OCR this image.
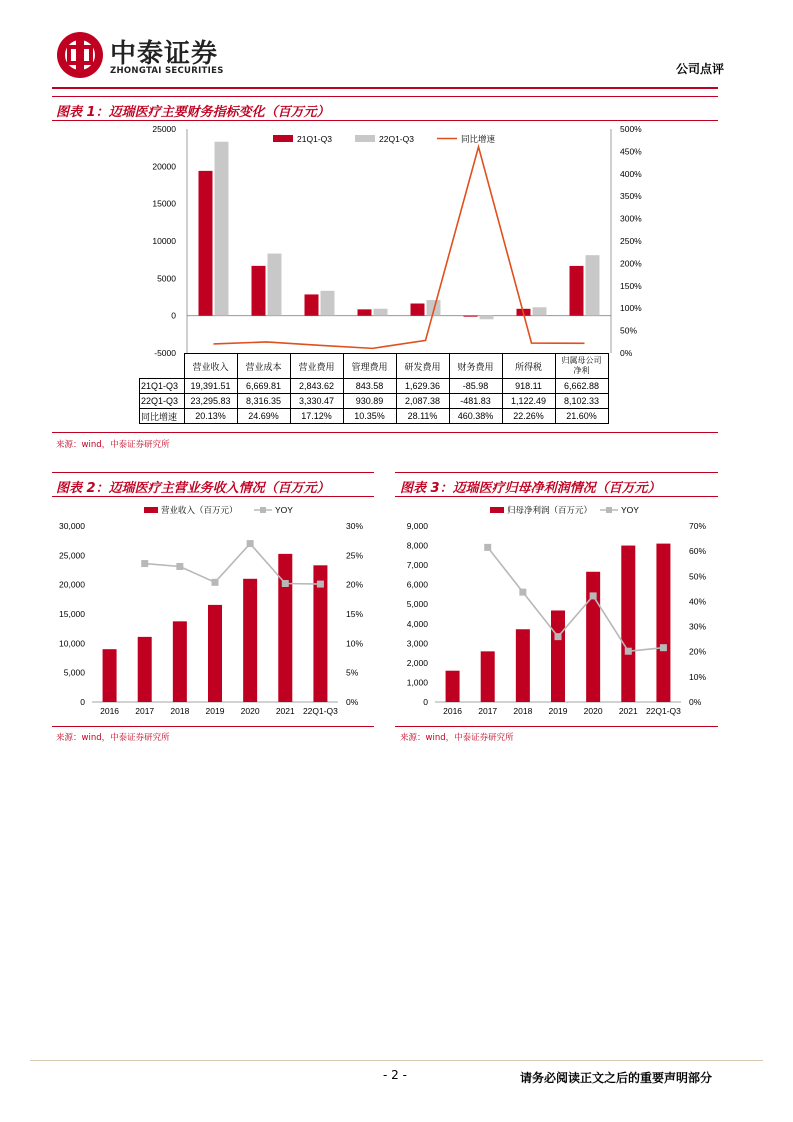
中泰证券
ZHONGTAI SECURITIES	公司点评
图表 1：迈瑞医疗主要财务指标变化（百万元）
-5000
0
5000
10000
15000
20000
25000
0%
50%
100%
150%
200%
250%
300%
350%
400%
450%
500%
21Q1-Q3	22Q1-Q3	同比增速
	营业收入	营业成本	营业费用	管理费用	研发费用	财务费用	所得税	归属母公司
净利
21Q1-Q3	19,391.51	6,669.81	2,843.62	843.58	1,629.36	-85.98	918.11	6,662.88
22Q1-Q3	23,295.83	8,316.35	3,330.47	930.89	2,087.38	-481.83	1,122.49	8,102.33
同比增速	20.13%	24.69%	17.12%	10.35%	28.11%	460.38%	22.26%	21.60%
来源：wind，中泰证券研究所
图表 2：迈瑞医疗主营业务收入情况（百万元）	图表 3：迈瑞医疗归母净利润情况（百万元）
0
5,000
10,000
15,000
20,000
25,000
30,000
0%
5%
10%
15%
20%
25%
30%
2016 2017 2018 2019 2020 2021 22Q1-Q3
营业收入（百万元）	YOY
0
1,000
2,000
3,000
4,000
5,000
6,000
7,000
8,000
9,000
0%
10%
20%
30%
40%
50%
60%
70%
2016 2017 2018 2019 2020 2021 22Q1-Q3
归母净利润（百万元）	YOY
来源：wind，中泰证券研究所	来源：wind，中泰证券研究所
- 2 -	请务必阅读正文之后的重要声明部分
